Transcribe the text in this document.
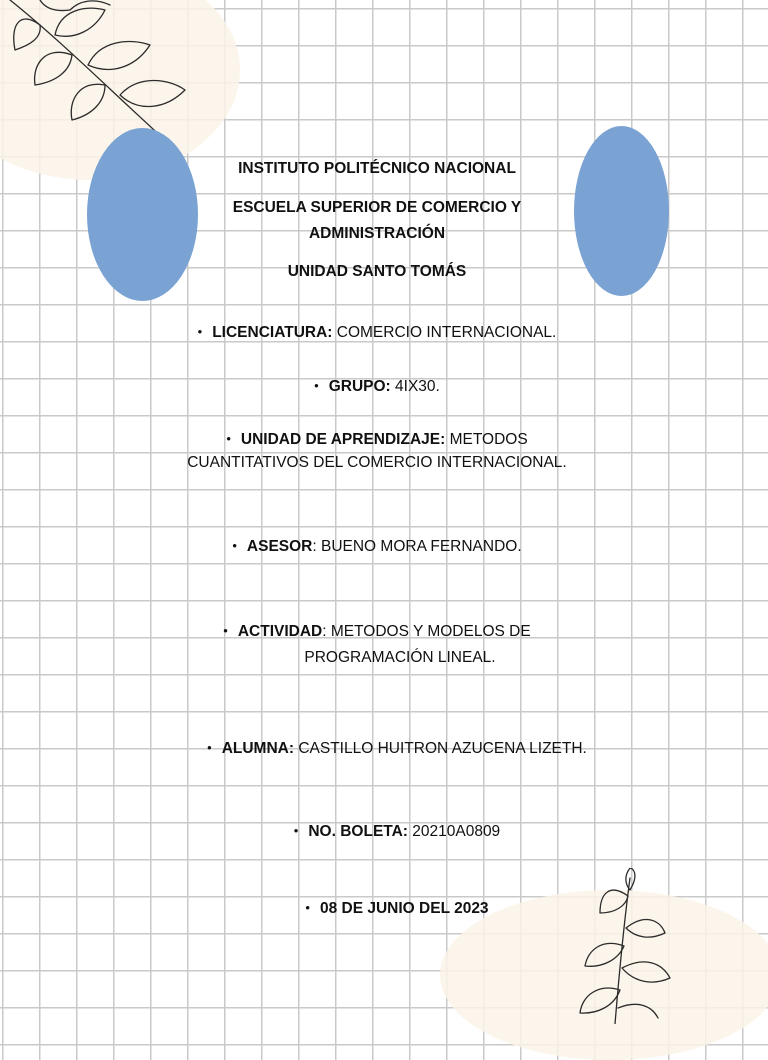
INSTITUTO POLITÉCNICO NACIONAL
ESCUELA SUPERIOR DE COMERCIO Y
ADMINISTRACIÓN
UNIDAD SANTO TOMÁS
• LICENCIATURA: COMERCIO INTERNACIONAL.
• GRUPO: 4IX30.
• UNIDAD DE APRENDIZAJE: METODOS
CUANTITATIVOS DEL COMERCIO INTERNACIONAL.
• ASESOR: BUENO MORA FERNANDO.
• ACTIVIDAD: METODOS Y MODELOS DE
PROGRAMACIÓN LINEAL.
• ALUMNA: CASTILLO HUITRON AZUCENA LIZETH.
• NO. BOLETA: 20210A0809
• 08 DE JUNIO DEL 2023
